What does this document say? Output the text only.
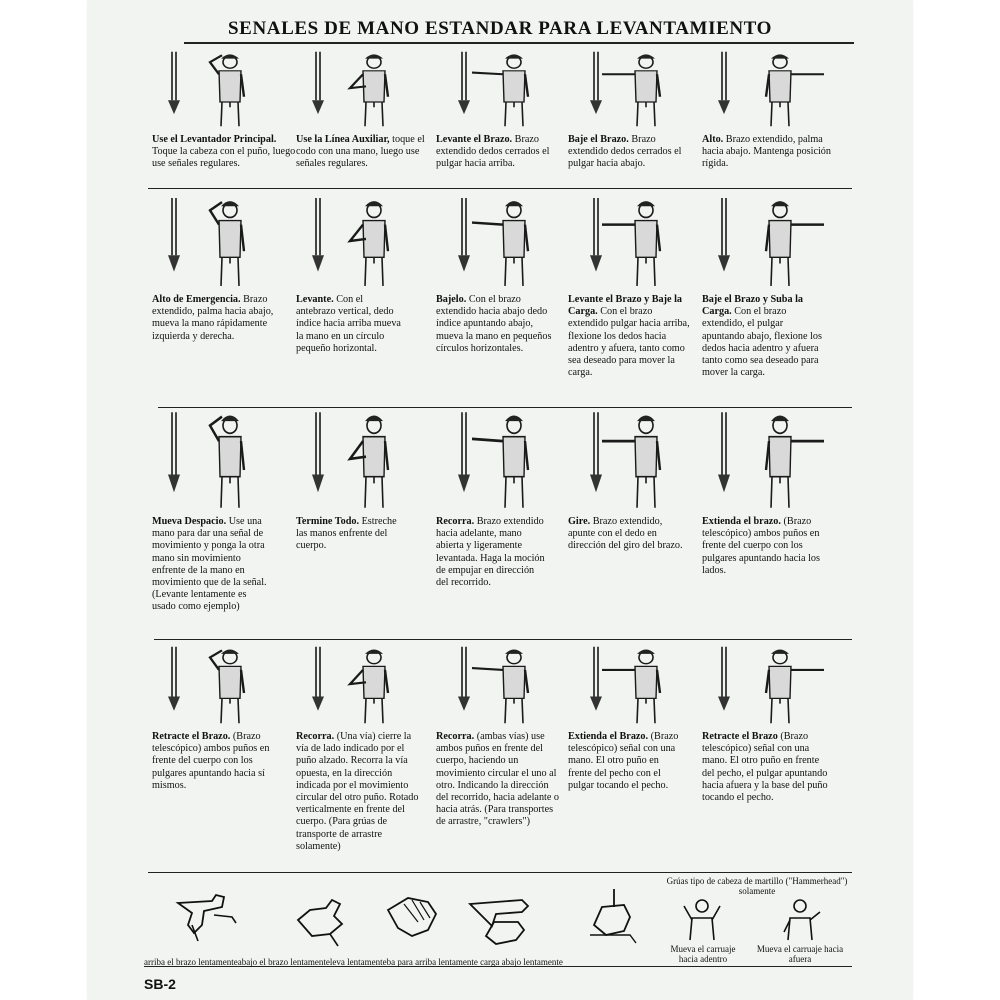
SENALES DE MANO ESTANDAR PARA LEVANTAMIENTO
Use el Levantador Principal. Toque la cabeza con el puño, luego use señales regulares.
Use la Línea Auxiliar, toque el codo con una mano, luego use señales regulares.
Levante el Brazo. Brazo extendido dedos cerrados el pulgar hacia arriba.
Baje el Brazo. Brazo extendido dedos cerrados el pulgar hacia abajo.
Alto. Brazo extendido, palma hacia abajo. Mantenga posición rígida.
Alto de Emergencia. Brazo extendido, palma hacia abajo, mueva la mano rápidamente izquierda y derecha.
Levante. Con el antebrazo vertical, dedo índice hacia arriba mueva la mano en un círculo pequeño horizontal.
Bajelo. Con el brazo extendido hacia abajo dedo índice apuntando abajo, mueva la mano en pequeños círculos horizontales.
Levante el Brazo y Baje la Carga. Con el brazo extendido pulgar hacia arriba, flexione los dedos hacia adentro y afuera, tanto como sea deseado para mover la carga.
Baje el Brazo y Suba la Carga. Con el brazo extendido, el pulgar apuntando abajo, flexione los dedos hacia adentro y afuera tanto como sea deseado para mover la carga.
Mueva Despacio. Use una mano para dar una señal de movimiento y ponga la otra mano sin movimiento enfrente de la mano en movimiento que de la señal. (Levante lentamente es usado como ejemplo)
Termine Todo. Estreche las manos enfrente del cuerpo.
Recorra. Brazo extendido hacia adelante, mano abierta y ligeramente levantada. Haga la moción de empujar en dirección del recorrido.
Gire. Brazo extendido, apunte con el dedo en dirección del giro del brazo.
Extienda el brazo. (Brazo telescópico) ambos puños en frente del cuerpo con los pulgares apuntando hacia los lados.
Retracte el Brazo. (Brazo telescópico) ambos puños en frente del cuerpo con los pulgares apuntando hacia sí mismos.
Recorra. (Una vía) cierre la vía de lado indicado por el puño alzado. Recorra la vía opuesta, en la dirección indicada por el movimiento circular del otro puño. Rotado verticalmente en frente del cuerpo. (Para grúas de transporte de arrastre solamente)
Recorra. (ambas vías) use ambos puños en frente del cuerpo, haciendo un movimiento circular el uno al otro. Indicando la dirección del recorrido, hacia adelante o hacia atrás. (Para transportes de arrastre, "crawlers")
Extienda el Brazo. (Brazo telescópico) señal con una mano. El otro puño en frente del pecho con el pulgar tocando el pecho.
Retracte el Brazo (Brazo telescópico) señal con una mano. El otro puño en frente del pecho, el pulgar apuntando hacia afuera y la base del puño tocando el pecho.
Grúas tipo de cabeza de martillo ("Hammerhead") solamente
Mueva el carruaje hacia adentro
Mueva el carruaje hacia afuera
arriba el brazo lentamenteabajo el brazo lentamenteleva lentamenteba para arriba lentamente carga abajo lentamente
SB-2
